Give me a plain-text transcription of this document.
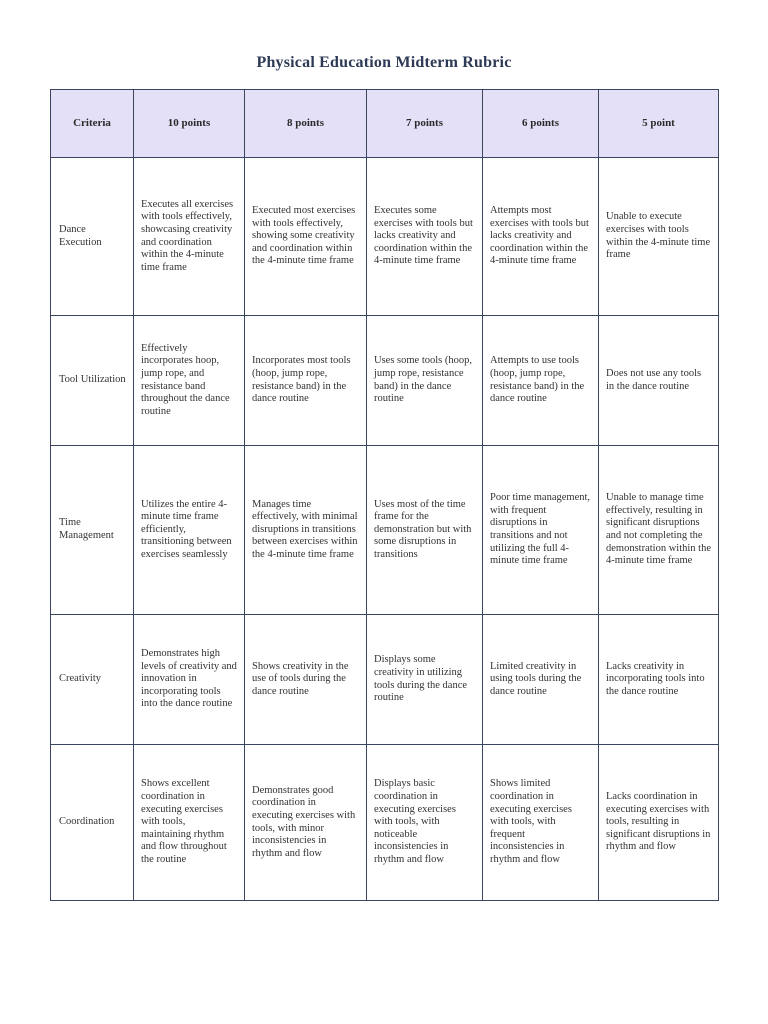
Physical Education Midterm Rubric
Criteria	10 points	8 points	7 points	6 points	5 point
Dance Execution	Executes all exercises with tools effectively, showcasing creativity and coordination within the 4-minute time frame	Executed most exercises with tools effectively, showing some creativity and coordination within the 4-minute time frame	Executes some exercises with tools but lacks creativity and coordination within the 4-minute time frame	Attempts most exercises with tools but lacks creativity and coordination within the 4-minute time frame	Unable to execute exercises with tools within the 4-minute time frame
Tool Utilization	Effectively incorporates hoop, jump rope, and resistance band throughout the dance routine	Incorporates most tools (hoop, jump rope, resistance band) in the dance routine	Uses some tools (hoop, jump rope, resistance band) in the dance routine	Attempts to use tools (hoop, jump rope, resistance band) in the dance routine	Does not use any tools in the dance routine
Time Management	Utilizes the entire 4-minute time frame efficiently, transitioning between exercises seamlessly	Manages time effectively, with minimal disruptions in transitions between exercises within the 4-minute time frame	Uses most of the time frame for the demonstration but with some disruptions in transitions	Poor time management, with frequent disruptions in transitions and not utilizing the full 4-minute time frame	Unable to manage time effectively, resulting in significant disruptions and not completing the demonstration within the 4-minute time frame
Creativity	Demonstrates high levels of creativity and innovation in incorporating tools into the dance routine	Shows creativity in the use of tools during the dance routine	Displays some creativity in utilizing tools during the dance routine	Limited creativity in using tools during the dance routine	Lacks creativity in incorporating tools into the dance routine
Coordination	Shows excellent coordination in executing exercises with tools, maintaining rhythm and flow throughout the routine	Demonstrates good coordination in executing exercises with tools, with minor inconsistencies in rhythm and flow	Displays basic coordination in executing exercises with tools, with noticeable inconsistencies in rhythm and flow	Shows limited coordination in executing exercises with tools, with frequent inconsistencies in rhythm and flow	Lacks coordination in executing exercises with tools, resulting in significant disruptions in rhythm and flow
